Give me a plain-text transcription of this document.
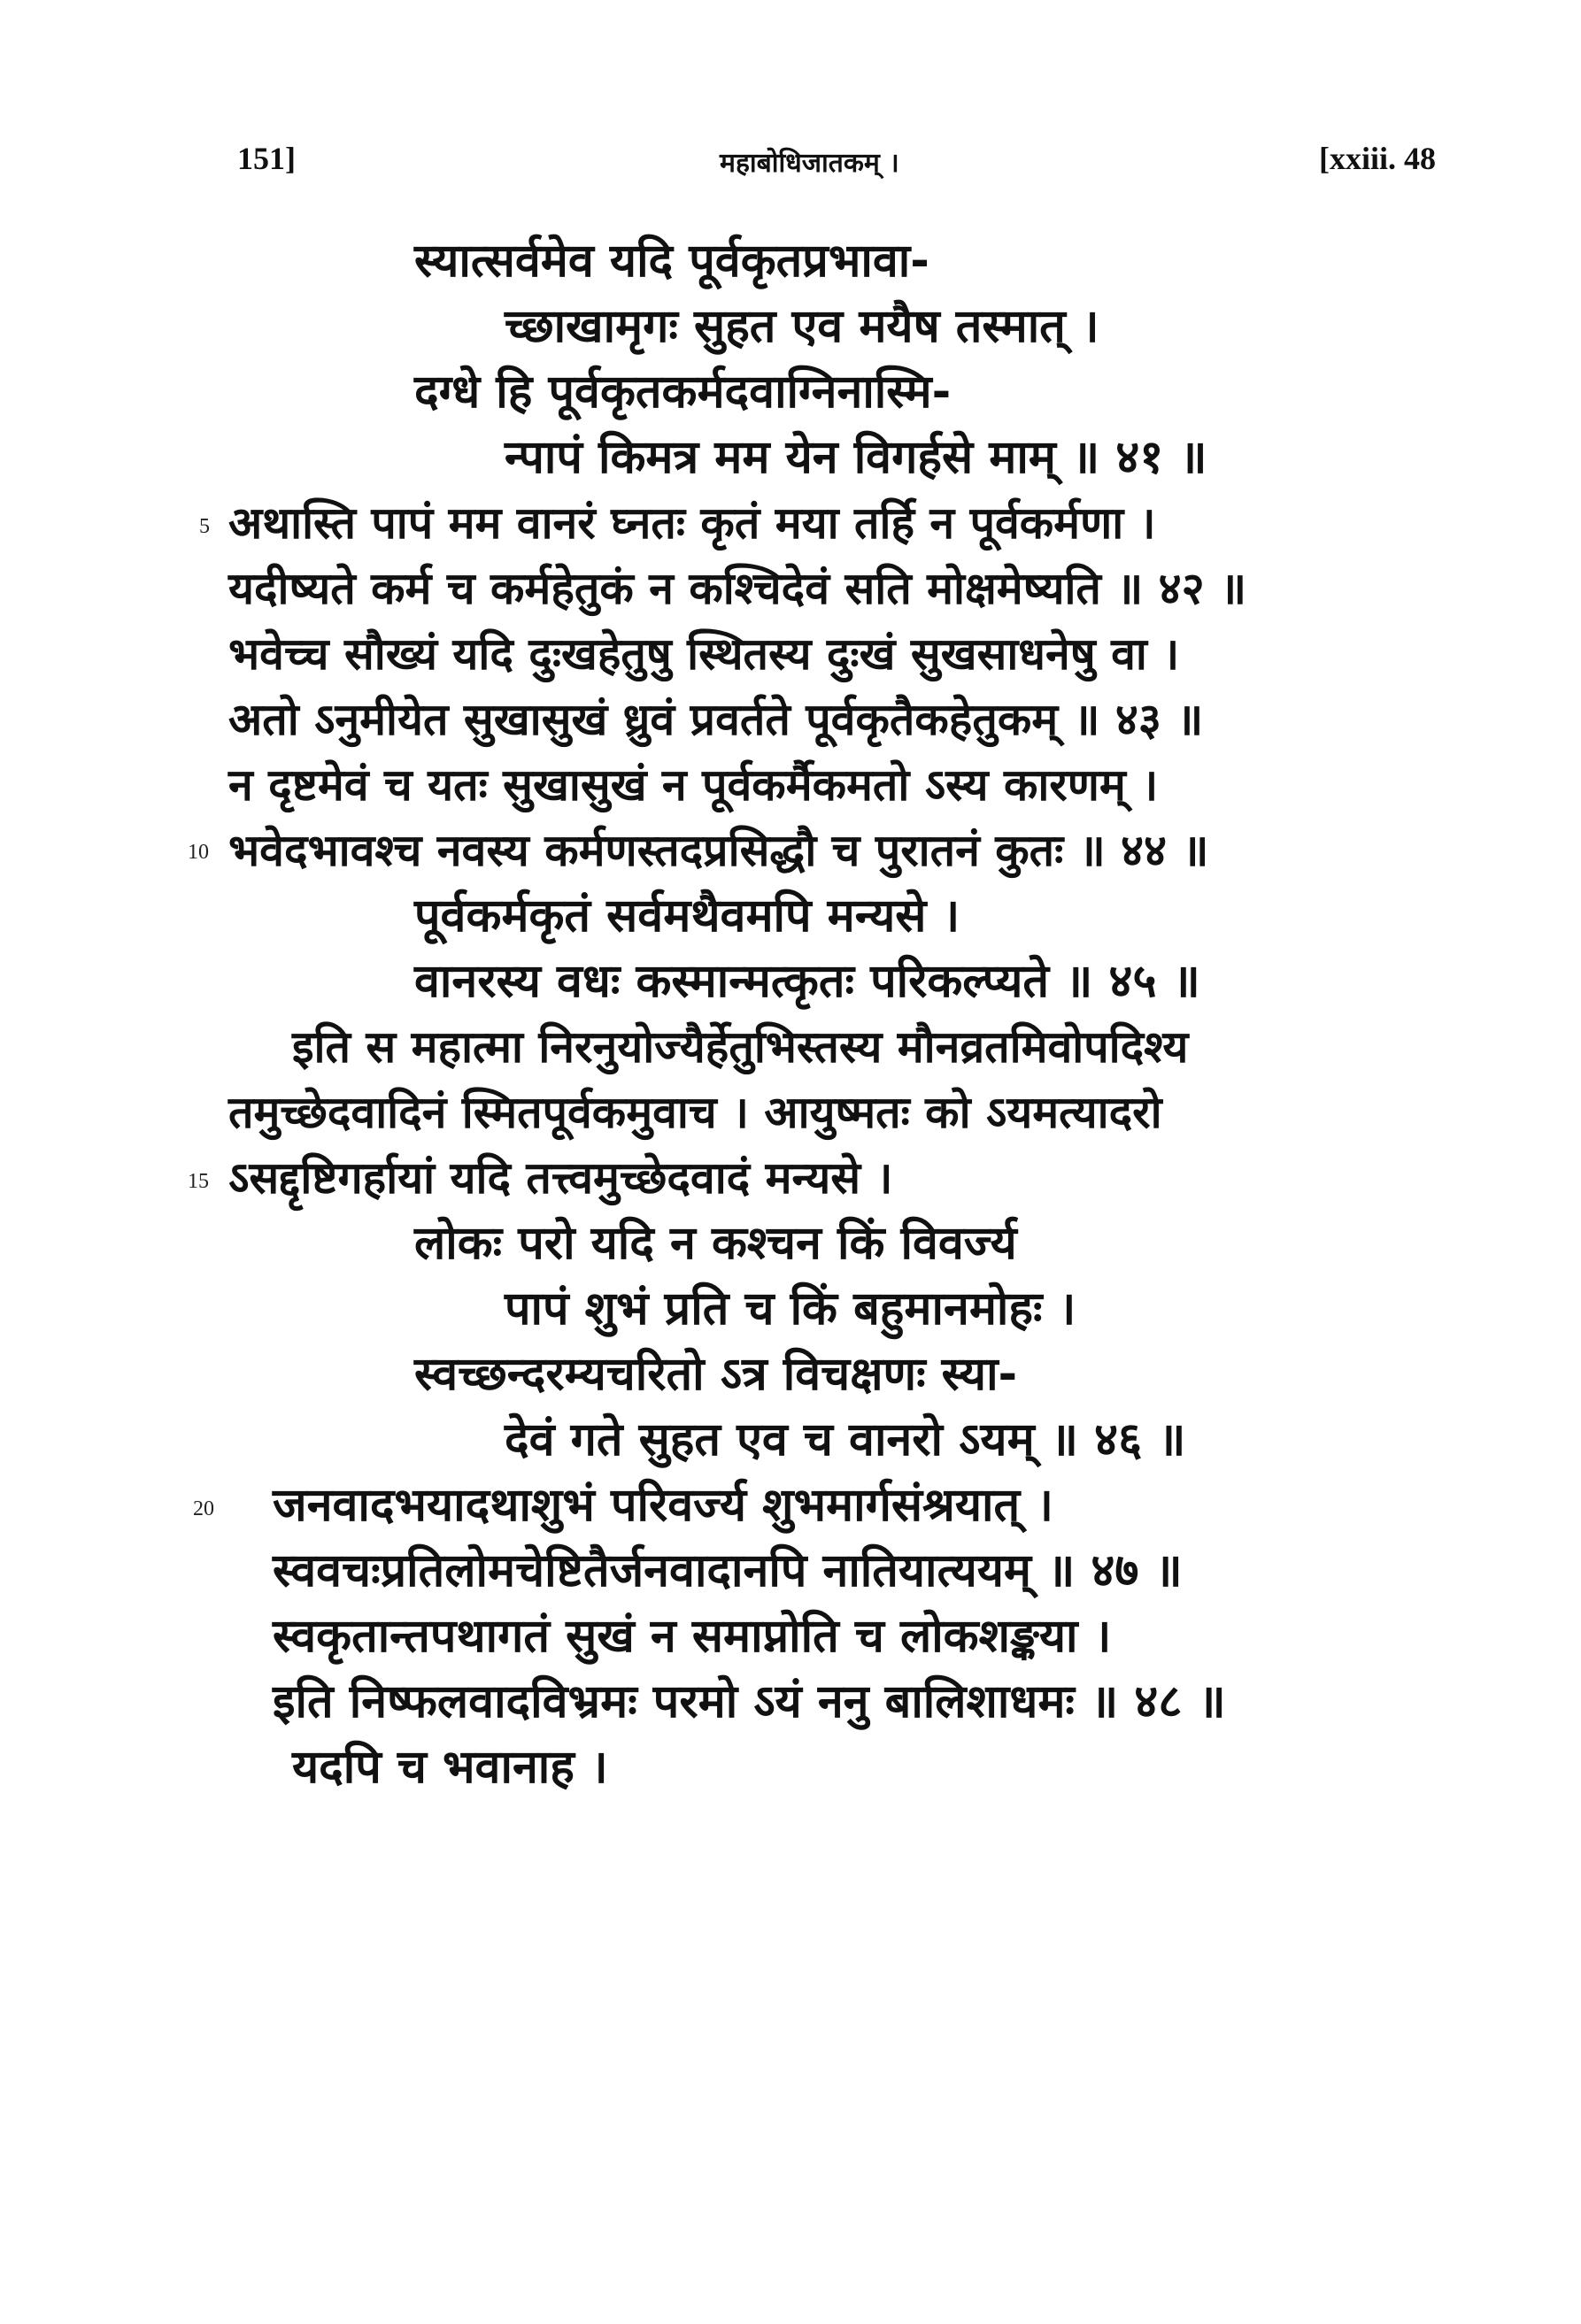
151]	महाबोधिजातकम् ।	[xxiii. 48
स्यात्सर्वमेव यदि पूर्वकृतप्रभावा-
च्छाखामृगः सुहत एव मयैष तस्मात् ।
दग्धे हि पूर्वकृतकर्मदवाग्निनास्मि-
न्पापं किमत्र मम येन विगर्हसे माम् ॥ ४१ ॥
5 अथास्ति पापं मम वानरं घ्नतः कृतं मया तर्हि न पूर्वकर्मणा ।
यदीष्यते कर्म च कर्महेतुकं न कश्चिदेवं सति मोक्षमेष्यति ॥ ४२ ॥
भवेच्च सौख्यं यदि दुःखहेतुषु स्थितस्य दुःखं सुखसाधनेषु वा ।
अतो ऽनुमीयेत सुखासुखं ध्रुवं प्रवर्तते पूर्वकृतैकहेतुकम् ॥ ४३ ॥
न दृष्टमेवं च यतः सुखासुखं न पूर्वकर्मैकमतो ऽस्य कारणम् ।
10 भवेदभावश्च नवस्य कर्मणस्तदप्रसिद्धौ च पुरातनं कुतः ॥ ४४ ॥
पूर्वकर्मकृतं सर्वमथैवमपि मन्यसे ।
वानरस्य वधः कस्मान्मत्कृतः परिकल्प्यते ॥ ४५ ॥
इति स महात्मा निरनुयोज्यैर्हेतुभिस्तस्य मौनव्रतमिवोपदिश्य
तमुच्छेदवादिनं स्मितपूर्वकमुवाच । आयुष्मतः को ऽयमत्यादरो
15 ऽसद्दृष्टिगर्हायां यदि तत्त्वमुच्छेदवादं मन्यसे ।
लोकः परो यदि न कश्चन किं विवर्ज्य
पापं शुभं प्रति च किं बहुमानमोहः ।
स्वच्छन्दरम्यचरितो ऽत्र विचक्षणः स्या-
देवं गते सुहत एव च वानरो ऽयम् ॥ ४६ ॥
20 जनवादभयादथाशुभं परिवर्ज्य शुभमार्गसंश्रयात् ।
स्ववचःप्रतिलोमचेष्टितैर्जनवादानपि नातियात्ययम् ॥ ४७ ॥
स्वकृतान्तपथागतं सुखं न समाप्नोति च लोकशङ्कया ।
इति निष्फलवादविभ्रमः परमो ऽयं ननु बालिशाधमः ॥ ४८ ॥
यदपि च भवानाह ।
